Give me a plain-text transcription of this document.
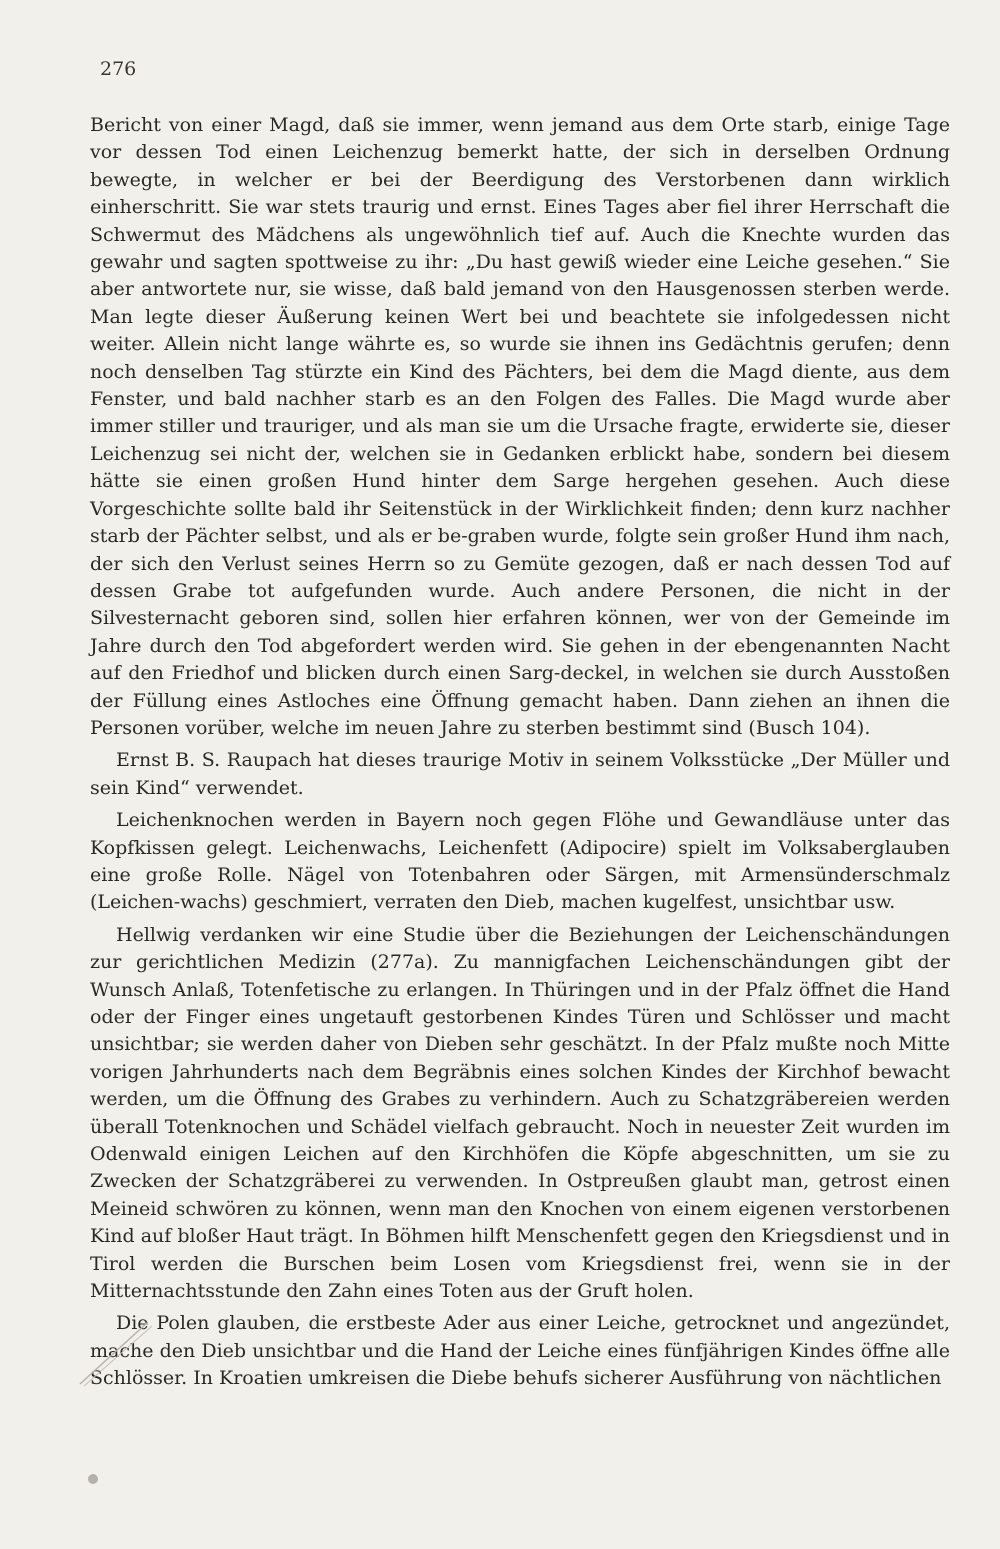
276

Bericht von einer Magd, daß sie immer, wenn jemand aus dem Orte starb, einige Tage vor dessen Tod einen Leichenzug bemerkt hatte, der sich in derselben Ordnung bewegte, in welcher er bei der Beerdigung des Verstorbenen dann wirklich einherschritt. Sie war stets traurig und ernst. Eines Tages aber fiel ihrer Herrschaft die Schwermut des Mädchens als ungewöhnlich tief auf. Auch die Knechte wurden das gewahr und sagten spottweise zu ihr: „Du hast gewiß wieder eine Leiche gesehen.“ Sie aber antwortete nur, sie wisse, daß bald jemand von den Hausgenossen sterben werde. Man legte dieser Äußerung keinen Wert bei und beachtete sie infolgedessen nicht weiter. Allein nicht lange währte es, so wurde sie ihnen ins Gedächtnis gerufen; denn noch denselben Tag stürzte ein Kind des Pächters, bei dem die Magd diente, aus dem Fenster, und bald nachher starb es an den Folgen des Falles. Die Magd wurde aber immer stiller und trauriger, und als man sie um die Ursache fragte, erwiderte sie, dieser Leichenzug sei nicht der, welchen sie in Gedanken erblickt habe, sondern bei diesem hätte sie einen großen Hund hinter dem Sarge hergehen gesehen. Auch diese Vorgeschichte sollte bald ihr Seitenstück in der Wirklichkeit finden; denn kurz nachher starb der Pächter selbst, und als er be-graben wurde, folgte sein großer Hund ihm nach, der sich den Verlust seines Herrn so zu Gemüte gezogen, daß er nach dessen Tod auf dessen Grabe tot aufgefunden wurde. Auch andere Personen, die nicht in der Silvesternacht geboren sind, sollen hier erfahren können, wer von der Gemeinde im Jahre durch den Tod abgefordert werden wird. Sie gehen in der ebengenannten Nacht auf den Friedhof und blicken durch einen Sarg-deckel, in welchen sie durch Ausstoßen der Füllung eines Astloches eine Öffnung gemacht haben. Dann ziehen an ihnen die Personen vorüber, welche im neuen Jahre zu sterben bestimmt sind (Busch 104).

Ernst B. S. Raupach hat dieses traurige Motiv in seinem Volksstücke „Der Müller und sein Kind“ verwendet.

Leichenknochen werden in Bayern noch gegen Flöhe und Gewandläuse unter das Kopfkissen gelegt. Leichenwachs, Leichenfett (Adipocire) spielt im Volksaberglauben eine große Rolle. Nägel von Totenbahren oder Särgen, mit Armensünderschmalz (Leichen-wachs) geschmiert, verraten den Dieb, machen kugelfest, unsichtbar usw.

Hellwig verdanken wir eine Studie über die Beziehungen der Leichenschändungen zur gerichtlichen Medizin (277a). Zu mannigfachen Leichenschändungen gibt der Wunsch Anlaß, Totenfetische zu erlangen. In Thüringen und in der Pfalz öffnet die Hand oder der Finger eines ungetauft gestorbenen Kindes Türen und Schlösser und macht unsichtbar; sie werden daher von Dieben sehr geschätzt. In der Pfalz mußte noch Mitte vorigen Jahrhunderts nach dem Begräbnis eines solchen Kindes der Kirchhof bewacht werden, um die Öffnung des Grabes zu verhindern. Auch zu Schatzgräbereien werden überall Totenknochen und Schädel vielfach gebraucht. Noch in neuester Zeit wurden im Odenwald einigen Leichen auf den Kirchhöfen die Köpfe abgeschnitten, um sie zu Zwecken der Schatzgräberei zu verwenden. In Ostpreußen glaubt man, getrost einen Meineid schwören zu können, wenn man den Knochen von einem eigenen verstorbenen Kind auf bloßer Haut trägt. In Böhmen hilft Menschenfett gegen den Kriegsdienst und in Tirol werden die Burschen beim Losen vom Kriegsdienst frei, wenn sie in der Mitternachtsstunde den Zahn eines Toten aus der Gruft holen.

Die Polen glauben, die erstbeste Ader aus einer Leiche, getrocknet und angezündet, mache den Dieb unsichtbar und die Hand der Leiche eines fünfjährigen Kindes öffne alle Schlösser. In Kroatien umkreisen die Diebe behufs sicherer Ausführung von nächtlichen
